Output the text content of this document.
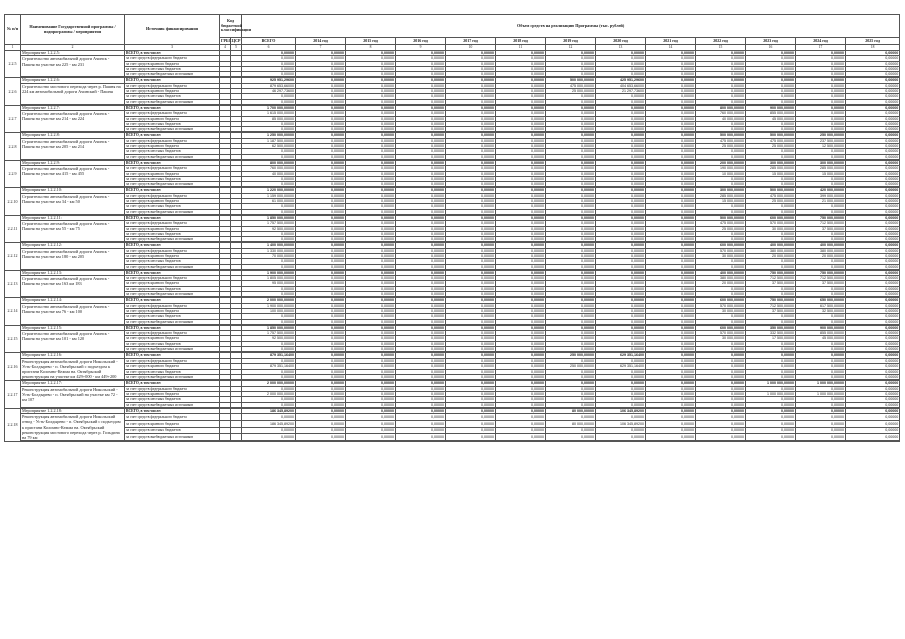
№ п/п	Наименование Государственной программы / подпрограммы / мероприятия	Источник финансирования	Код бюджетной классификации		Объем средств на реализацию Программы (тыс. рублей)												
			ГРБС	ЦСР	ВСЕГО	2014 год	2015 год	2016 год	2017 год	2018 год	2019 год	2020 год	2021 год	2022 год	2023 год	2024 год	2025 год
1	2	3	4	5	6	7	8	9	10	11	12	13	14	15	16	17	18
2.2.5	Мероприятие 1.2.2.5:	ВСЕГО, в том числе:			0,00000	0,00000	0,00000	0,00000	0,00000	0,00000	0,00000	0,00000	0,00000	0,00000	0,00000	0,00000	0,00000
	Строительство автомобильной дороги Ачинск - Пашня на участке км 225 - км 231	за счет средств федерального бюджета			0,00000	0,00000	0,00000	0,00000	0,00000	0,00000	0,00000	0,00000	0,00000	0,00000	0,00000	0,00000	0,00000
		за счет средств краевого бюджета			0,00000	0,00000	0,00000	0,00000	0,00000	0,00000	0,00000	0,00000	0,00000	0,00000	0,00000	0,00000	0,00000
		за счет средств местных бюджетов			0,00000	0,00000	0,00000	0,00000	0,00000	0,00000	0,00000	0,00000	0,00000	0,00000	0,00000	0,00000	0,00000
		за счет средств внебюджетных источников			0,00000	0,00000	0,00000	0,00000	0,00000	0,00000	0,00000	0,00000	0,00000	0,00000	0,00000	0,00000	0,00000

2.2.6	Мероприятие 1.2.2.6:	ВСЕГО, в том числе:			925 951,29600	0,00000	0,00000	0,00000	0,00000	0,00000	500 000,00000	425 951,29600	0,00000	0,00000	0,00000	0,00000	0,00000
	Строительство мостового перехода через р. Пашня на 224 км автомобильной дороги Ачинский - Пашня	за счет средств федерального бюджета			879 653,66000	0,00000	0,00000	0,00000	0,00000	0,00000	475 000,00000	404 653,66000	0,00000	0,00000	0,00000	0,00000	0,00000
		за счет средств краевого бюджета			46 297,73600	0,00000	0,00000	0,00000	0,00000	0,00000	25 000,00000	21 297,73600	0,00000	0,00000	0,00000	0,00000	0,00000
		за счет средств местных бюджетов			0,00000	0,00000	0,00000	0,00000	0,00000	0,00000	0,00000	0,00000	0,00000	0,00000	0,00000	0,00000	0,00000
		за счет средств внебюджетных источников			0,00000	0,00000	0,00000	0,00000	0,00000	0,00000	0,00000	0,00000	0,00000	0,00000	0,00000	0,00000	0,00000

2.2.7	Мероприятие 1.2.2.7:	ВСЕГО, в том числе:			1 700 000,00000	0,00000	0,00000	0,00000	0,00000	0,00000	0,00000	0,00000	0,00000	800 000,00000	900 000,00000	0,00000	0,00000
	Строительство автомобильной дороги Ачинск - Пашня на участке км 214 - км 224	за счет средств федерального бюджета			1 615 000,00000	0,00000	0,00000	0,00000	0,00000	0,00000	0,00000	0,00000	0,00000	760 000,00000	855 000,00000	0,00000	0,00000
		за счет средств краевого бюджета			85 000,00000	0,00000	0,00000	0,00000	0,00000	0,00000	0,00000	0,00000	0,00000	40 000,00000	45 000,00000	0,00000	0,00000
		за счет средств местных бюджетов			0,00000	0,00000	0,00000	0,00000	0,00000	0,00000	0,00000	0,00000	0,00000	0,00000	0,00000	0,00000	0,00000
		за счет средств внебюджетных источников			0,00000	0,00000	0,00000	0,00000	0,00000	0,00000	0,00000	0,00000	0,00000	0,00000	0,00000	0,00000	0,00000

2.2.8	Мероприятие 1.2.2.8:	ВСЕГО, в том числе:			1 250 000,00000	0,00000	0,00000	0,00000	0,00000	0,00000	0,00000	0,00000	0,00000	500 000,00000	500 000,00000	250 000,00000	0,00000
	Строительство автомобильной дороги Ачинск - Пашня на участке км 205 - км 214	за счет средств федерального бюджета			1 187 500,00000	0,00000	0,00000	0,00000	0,00000	0,00000	0,00000	0,00000	0,00000	475 000,00000	475 000,00000	237 500,00000	0,00000
		за счет средств краевого бюджета			62 500,00000	0,00000	0,00000	0,00000	0,00000	0,00000	0,00000	0,00000	0,00000	25 000,00000	25 000,00000	12 500,00000	0,00000
		за счет средств местных бюджетов			0,00000	0,00000	0,00000	0,00000	0,00000	0,00000	0,00000	0,00000	0,00000	0,00000	0,00000	0,00000	0,00000
		за счет средств внебюджетных источников			0,00000	0,00000	0,00000	0,00000	0,00000	0,00000	0,00000	0,00000	0,00000	0,00000	0,00000	0,00000	0,00000

2.2.9	Мероприятие 1.2.2.9:	ВСЕГО, в том числе:			800 000,00000	0,00000	0,00000	0,00000	0,00000	0,00000	0,00000	0,00000	0,00000	200 000,00000	300 000,00000	300 000,00000	0,00000
	Строительство автомобильной дороги Ачинск - Пашня на участке км 415 - км 455	за счет средств федерального бюджета			760 000,00000	0,00000	0,00000	0,00000	0,00000	0,00000	0,00000	0,00000	0,00000	190 000,00000	285 000,00000	285 000,00000	0,00000
		за счет средств краевого бюджета			40 000,00000	0,00000	0,00000	0,00000	0,00000	0,00000	0,00000	0,00000	0,00000	10 000,00000	15 000,00000	15 000,00000	0,00000
		за счет средств местных бюджетов			0,00000	0,00000	0,00000	0,00000	0,00000	0,00000	0,00000	0,00000	0,00000	0,00000	0,00000	0,00000	0,00000
		за счет средств внебюджетных источников			0,00000	0,00000	0,00000	0,00000	0,00000	0,00000	0,00000	0,00000	0,00000	0,00000	0,00000	0,00000	0,00000

2.2.10	Мероприятие 1.2.2.10:	ВСЕГО, в том числе:			1 220 000,00000	0,00000	0,00000	0,00000	0,00000	0,00000	0,00000	0,00000	0,00000	300 000,00000	500 000,00000	420 000,00000	0,00000
	Строительство автомобильной дороги Ачинск - Пашня на участке км 34 - км 50	за счет средств федерального бюджета			1 159 000,00000	0,00000	0,00000	0,00000	0,00000	0,00000	0,00000	0,00000	0,00000	285 000,00000	475 000,00000	399 000,00000	0,00000
		за счет средств краевого бюджета			61 000,00000	0,00000	0,00000	0,00000	0,00000	0,00000	0,00000	0,00000	0,00000	15 000,00000	25 000,00000	21 000,00000	0,00000
		за счет средств местных бюджетов			0,00000	0,00000	0,00000	0,00000	0,00000	0,00000	0,00000	0,00000	0,00000	0,00000	0,00000	0,00000	0,00000
		за счет средств внебюджетных источников			0,00000	0,00000	0,00000	0,00000	0,00000	0,00000	0,00000	0,00000	0,00000	0,00000	0,00000	0,00000	0,00000

2.2.11	Мероприятие 1.2.2.11:	ВСЕГО, в том числе:			1 850 000,00000	0,00000	0,00000	0,00000	0,00000	0,00000	0,00000	0,00000	0,00000	500 000,00000	600 000,00000	750 000,00000	0,00000
	Строительство автомобильной дороги Ачинск - Пашня на участке км 55 - км 75	за счет средств федерального бюджета			1 757 500,00000	0,00000	0,00000	0,00000	0,00000	0,00000	0,00000	0,00000	0,00000	475 000,00000	570 000,00000	712 500,00000	0,00000
		за счет средств краевого бюджета			92 500,00000	0,00000	0,00000	0,00000	0,00000	0,00000	0,00000	0,00000	0,00000	25 000,00000	30 000,00000	37 500,00000	0,00000
		за счет средств местных бюджетов			0,00000	0,00000	0,00000	0,00000	0,00000	0,00000	0,00000	0,00000	0,00000	0,00000	0,00000	0,00000	0,00000
		за счет средств внебюджетных источников			0,00000	0,00000	0,00000	0,00000	0,00000	0,00000	0,00000	0,00000	0,00000	0,00000	0,00000	0,00000	0,00000

2.2.12	Мероприятие 1.2.2.12:	ВСЕГО, в том числе:			1 400 000,00000	0,00000	0,00000	0,00000	0,00000	0,00000	0,00000	0,00000	0,00000	600 000,00000	400 000,00000	400 000,00000	0,00000
	Строительство автомобильной дороги Ачинск - Пашня на участке км 180 - км 205	за счет средств федерального бюджета			1 330 000,00000	0,00000	0,00000	0,00000	0,00000	0,00000	0,00000	0,00000	0,00000	570 000,00000	380 000,00000	380 000,00000	0,00000
		за счет средств краевого бюджета			70 000,00000	0,00000	0,00000	0,00000	0,00000	0,00000	0,00000	0,00000	0,00000	30 000,00000	20 000,00000	20 000,00000	0,00000
		за счет средств местных бюджетов			0,00000	0,00000	0,00000	0,00000	0,00000	0,00000	0,00000	0,00000	0,00000	0,00000	0,00000	0,00000	0,00000
		за счет средств внебюджетных источников			0,00000	0,00000	0,00000	0,00000	0,00000	0,00000	0,00000	0,00000	0,00000	0,00000	0,00000	0,00000	0,00000

2.2.13	Мероприятие 1.2.2.13:	ВСЕГО, в том числе:			1 900 000,00000	0,00000	0,00000	0,00000	0,00000	0,00000	0,00000	0,00000	0,00000	400 000,00000	750 000,00000	750 000,00000	0,00000
	Строительство автомобильной дороги Ачинск - Пашня на участке км 163 км 183	за счет средств федерального бюджета			1 805 000,00000	0,00000	0,00000	0,00000	0,00000	0,00000	0,00000	0,00000	0,00000	380 000,00000	712 500,00000	712 500,00000	0,00000
		за счет средств краевого бюджета			95 000,00000	0,00000	0,00000	0,00000	0,00000	0,00000	0,00000	0,00000	0,00000	20 000,00000	37 500,00000	37 500,00000	0,00000
		за счет средств местных бюджетов			0,00000	0,00000	0,00000	0,00000	0,00000	0,00000	0,00000	0,00000	0,00000	0,00000	0,00000	0,00000	0,00000
		за счет средств внебюджетных источников			0,00000	0,00000	0,00000	0,00000	0,00000	0,00000	0,00000	0,00000	0,00000	0,00000	0,00000	0,00000	0,00000

2.2.14	Мероприятие 1.2.2.14:	ВСЕГО, в том числе:			2 000 000,00000	0,00000	0,00000	0,00000	0,00000	0,00000	0,00000	0,00000	0,00000	600 000,00000	750 000,00000	650 000,00000	0,00000
	Строительство автомобильной дороги Ачинск - Пашня на участке км 76 - км 100	за счет средств федерального бюджета			1 900 000,00000	0,00000	0,00000	0,00000	0,00000	0,00000	0,00000	0,00000	0,00000	570 000,00000	712 500,00000	617 500,00000	0,00000
		за счет средств краевого бюджета			100 000,00000	0,00000	0,00000	0,00000	0,00000	0,00000	0,00000	0,00000	0,00000	30 000,00000	37 500,00000	32 500,00000	0,00000
		за счет средств местных бюджетов			0,00000	0,00000	0,00000	0,00000	0,00000	0,00000	0,00000	0,00000	0,00000	0,00000	0,00000	0,00000	0,00000
		за счет средств внебюджетных источников			0,00000	0,00000	0,00000	0,00000	0,00000	0,00000	0,00000	0,00000	0,00000	0,00000	0,00000	0,00000	0,00000

2.2.15	Мероприятие 1.2.2.15:	ВСЕГО, в том числе:			1 850 000,00000	0,00000	0,00000	0,00000	0,00000	0,00000	0,00000	0,00000	0,00000	600 000,00000	350 000,00000	900 000,00000	0,00000
	Строительство автомобильной дороги Ачинск - Пашня на участке км 101 - км 120	за счет средств федерального бюджета			1 757 500,00000	0,00000	0,00000	0,00000	0,00000	0,00000	0,00000	0,00000	0,00000	570 000,00000	332 500,00000	855 000,00000	0,00000
		за счет средств краевого бюджета			92 500,00000	0,00000	0,00000	0,00000	0,00000	0,00000	0,00000	0,00000	0,00000	30 000,00000	17 500,00000	45 000,00000	0,00000
		за счет средств местных бюджетов			0,00000	0,00000	0,00000	0,00000	0,00000	0,00000	0,00000	0,00000	0,00000	0,00000	0,00000	0,00000	0,00000
		за счет средств внебюджетных источников			0,00000	0,00000	0,00000	0,00000	0,00000	0,00000	0,00000	0,00000	0,00000	0,00000	0,00000	0,00000	0,00000

2.2.16	Мероприятие 1.2.2.16:	ВСЕГО, в том числе:			879 351,16400	0,00000	0,00000	0,00000	0,00000	0,00000	250 000,00000	629 351,16400	0,00000	0,00000	0,00000	0,00000	0,00000
	Реконструкция автомобильной дороги Никольский - Усть-Болдырево - п. Октябрьский с подъездом к пристани Коломно-Кежма на. Октябрьский реконструкция на участке км 429+000 - км 449+200	за счет средств федерального бюджета			0,00000	0,00000	0,00000	0,00000	0,00000	0,00000	0,00000	0,00000	0,00000	0,00000	0,00000	0,00000	0,00000
		за счет средств краевого бюджета			879 351,16400	0,00000	0,00000	0,00000	0,00000	0,00000	250 000,00000	629 351,16400	0,00000	0,00000	0,00000	0,00000	0,00000
		за счет средств местных бюджетов			0,00000	0,00000	0,00000	0,00000	0,00000	0,00000	0,00000	0,00000	0,00000	0,00000	0,00000	0,00000	0,00000
		за счет средств внебюджетных источников			0,00000	0,00000	0,00000	0,00000	0,00000	0,00000	0,00000	0,00000	0,00000	0,00000	0,00000	0,00000	0,00000

2.2.17	Мероприятие 1.2.2.17:	ВСЕГО, в том числе:			2 000 000,00000	0,00000	0,00000	0,00000	0,00000	0,00000	0,00000	0,00000	0,00000	0,00000	1 000 000,00000	1 000 000,00000	0,00000
	Реконструкция автомобильной дороги Никольский - Усть-Болдырево - п. Октябрьский на участке км 72 - км 107	за счет средств федерального бюджета			0,00000	0,00000	0,00000	0,00000	0,00000	0,00000	0,00000	0,00000	0,00000	0,00000	0,00000	0,00000	0,00000
		за счет средств краевого бюджета			2 000 000,00000	0,00000	0,00000	0,00000	0,00000	0,00000	0,00000	0,00000	0,00000	0,00000	1 000 000,00000	1 000 000,00000	0,00000
		за счет средств местных бюджетов			0,00000	0,00000	0,00000	0,00000	0,00000	0,00000	0,00000	0,00000	0,00000	0,00000	0,00000	0,00000	0,00000
		за счет средств внебюджетных источников			0,00000	0,00000	0,00000	0,00000	0,00000	0,00000	0,00000	0,00000	0,00000	0,00000	0,00000	0,00000	0,00000

2.2.18	Мероприятие 1.2.2.18:	ВСЕГО, в том числе:			186 345,89200	0,00000	0,00000	0,00000	0,00000	0,00000	80 000,00000	106 345,89200	0,00000	0,00000	0,00000	0,00000	0,00000
	Реконструкция автомобильной дороги Никольский отвод - Усть-Болдырево - п. Октябрьский с подъездом к пристани Коломно-Кежма на. Октябрьский реконструкция мостового перехода через р. Гольдина на 79 км	за счет средств федерального бюджета			0,00000	0,00000	0,00000	0,00000	0,00000	0,00000	0,00000	0,00000	0,00000	0,00000	0,00000	0,00000	0,00000
		за счет средств краевого бюджета			186 345,89200	0,00000	0,00000	0,00000	0,00000	0,00000	80 000,00000	106 345,89200	0,00000	0,00000	0,00000	0,00000	0,00000
		за счет средств местных бюджетов			0,00000	0,00000	0,00000	0,00000	0,00000	0,00000	0,00000	0,00000	0,00000	0,00000	0,00000	0,00000	0,00000
		за счет средств внебюджетных источников			0,00000	0,00000	0,00000	0,00000	0,00000	0,00000	0,00000	0,00000	0,00000	0,00000	0,00000	0,00000	0,00000
